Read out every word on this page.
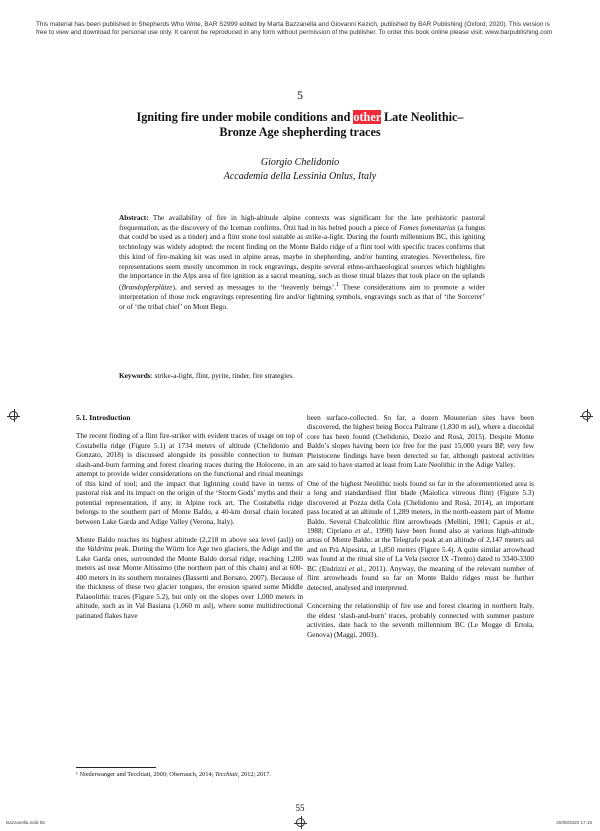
This material has been published in Shepherds Who Write, BAR S2999 edited by Marta Bazzanella and Giovanni Kezich, published by BAR Publishing (Oxford, 2020). This version is free to view and download for personal use only. It cannot be reproduced in any form without permission of the publisher. To order this book online please visit: www.barpublishing.com
5
Igniting fire under mobile conditions and other Late Neolithic–Bronze Age shepherding traces
Giorgio Chelidonio
Accademia della Lessinia Onlus, Italy
Abstract: The availability of fire in high-altitude alpine contexts was significant for the late prehistoric pastoral frequentation, as the discovery of the Iceman confirms. Ötzi had in his belted pouch a piece of Fomes fomentarius (a fungus that could be used as a tinder) and a flint stone tool suitable as strike-a-light. During the fourth millennium BC, this igniting technology was widely adopted: the recent finding on the Monte Baldo ridge of a flint tool with specific traces confirms that this kind of fire-making kit was used in alpine areas, maybe in shepherding, and/or hunting strategies. Nevertheless, fire representations seem mostly uncommon in rock engravings, despite several ethno-archaeological sources which highlights the importance in the Alps area of fire ignition as a sacral meaning, such as those ritual blazes that took place on the uplands (Brandopferplätze), and served as messages to the ‘heavenly beings’.$^1$ These considerations aim to promote a wider interpretation of those rock engravings representing fire and/or lightning symbols, engravings such as that of ‘the Sorcerer’ or of ‘the tribal chief’ on Mont Bego.
Keywords: strike-a-light, flint, pyrite, tinder, fire strategies.
5.1. Introduction

The recent finding of a flint fire-striker with evident traces of usage on top of Costabella ridge (Figure 5.1) at 1734 meters of altitude (Chelidonio and Gonzato, 2018) is discussed alongside its possible connection to human slash-and-burn farming and forest clearing traces during the Holocene, in an attempt to provide wider considerations on the functional and ritual meanings of this kind of tool; and the impact that lightning could have in terms of pastoral risk and its impact on the origin of the ‘Storm Gods’ myths and their potential representation, if any, in Alpine rock art. The Costabella ridge belongs to the southern part of Monte Baldo, a 40-km dorsal chain located between Lake Garda and Adige Valley (Verona, Italy).

Monte Baldo reaches its highest altitude (2,218 m above sea level (asl)) on the Valdritta peak. During the Würm Ice Age two glaciers, the Adige and the Lake Garda ones, surrounded the Monte Baldo dorsal ridge, reaching 1,200 meters asl near Monte Altissimo (the northern part of this chain) and at 600-400 meters in its southern moraines (Bassetti and Borsato, 2007). Because of the thickness of these two glacier tongues, the erosion spared some Middle Palaeolithic traces (Figure 5.2), but only on the slopes over 1,000 meters in altitude, such as in Val Basiana (1,060 m asl), where some multidirectional patinated flakes have

been surface-collected. So far, a dozen Mousterian sites have been discovered, the highest being Bocca Paltrane (1,830 m asl), where a discoidal core has been found (Chelidonio, Dozio and Rosà, 2015). Despite Monte Baldo’s slopes having been ice free for the past 15,000 years BP, very few Pleistocene findings have been detected so far, although pastoral activities are said to have started at least from Late Neolithic in the Adige Valley.

One of the highest Neolithic tools found so far in the aforementioned area is a long and standardised flint blade (Maiolica vitreous flint) (Figure 5.3) discovered at Pozza della Cola (Chelidonio and Rosà, 2014), an important pass located at an altitude of 1,289 meters, in the north-eastern part of Monte Baldo. Several Chalcolithic flint arrowheads (Mellini, 1981; Capuis et al., 1988; Cipriano et al., 1990) have been found also at various high-altitude areas of Monte Baldo: at the Telegrafo peak at an altitude of 2,147 meters asl and on Prà Alpesina, at 1,850 meters (Figure 5.4). A quite similar arrowhead was found at the ritual site of La Vela (sector IX -Trento) dated to 3340-3300 BC (Endrizzi et al., 2011). Anyway, the meaning of the relevant number of flint arrowheads found so far on Monte Baldo ridges must be further detected, analysed and interpreted.

Concerning the relationship of fire use and forest clearing in northern Italy, the eldest ‘slash-and-burn’ traces, probably connected with summer pasture activities, date back to the seventh millennium BC (Le Mogge di Ertola, Genova) (Maggi, 2003).

¹ Niederwanger and Tecchiati, 2000; Oberrauch, 2014; Tecchiati, 2012; 2017.
55
Bazzanella.indd 55	20/08/2020 17:16
